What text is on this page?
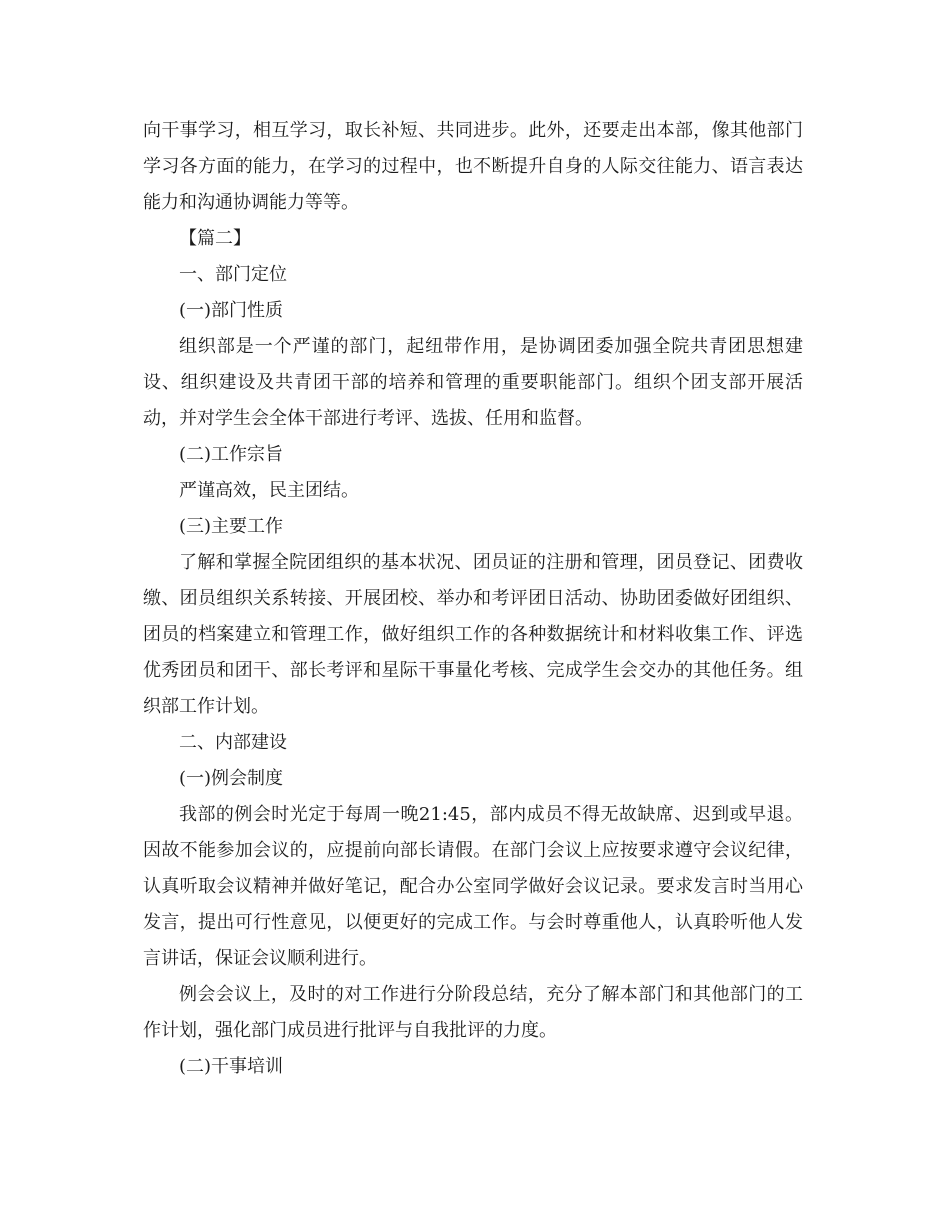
向干事学习，相互学习，取长补短、共同进步。此外，还要走出本部，像其他部门学习各方面的能力，在学习的过程中，也不断提升自身的人际交往能力、语言表达能力和沟通协调能力等等。

【篇二】

一、部门定位

(一)部门性质

组织部是一个严谨的部门，起纽带作用，是协调团委加强全院共青团思想建设、组织建设及共青团干部的培养和管理的重要职能部门。组织个团支部开展活动，并对学生会全体干部进行考评、选拔、任用和监督。

(二)工作宗旨

严谨高效，民主团结。

(三)主要工作

了解和掌握全院团组织的基本状况、团员证的注册和管理，团员登记、团费收缴、团员组织关系转接、开展团校、举办和考评团日活动、协助团委做好团组织、团员的档案建立和管理工作，做好组织工作的各种数据统计和材料收集工作、评选优秀团员和团干、部长考评和星际干事量化考核、完成学生会交办的其他任务。组织部工作计划。

二、内部建设

(一)例会制度

我部的例会时光定于每周一晚21:45，部内成员不得无故缺席、迟到或早退。因故不能参加会议的，应提前向部长请假。在部门会议上应按要求遵守会议纪律，认真听取会议精神并做好笔记，配合办公室同学做好会议记录。要求发言时当用心发言，提出可行性意见，以便更好的完成工作。与会时尊重他人，认真聆听他人发言讲话，保证会议顺利进行。

例会会议上，及时的对工作进行分阶段总结，充分了解本部门和其他部门的工作计划，强化部门成员进行批评与自我批评的力度。

(二)干事培训
